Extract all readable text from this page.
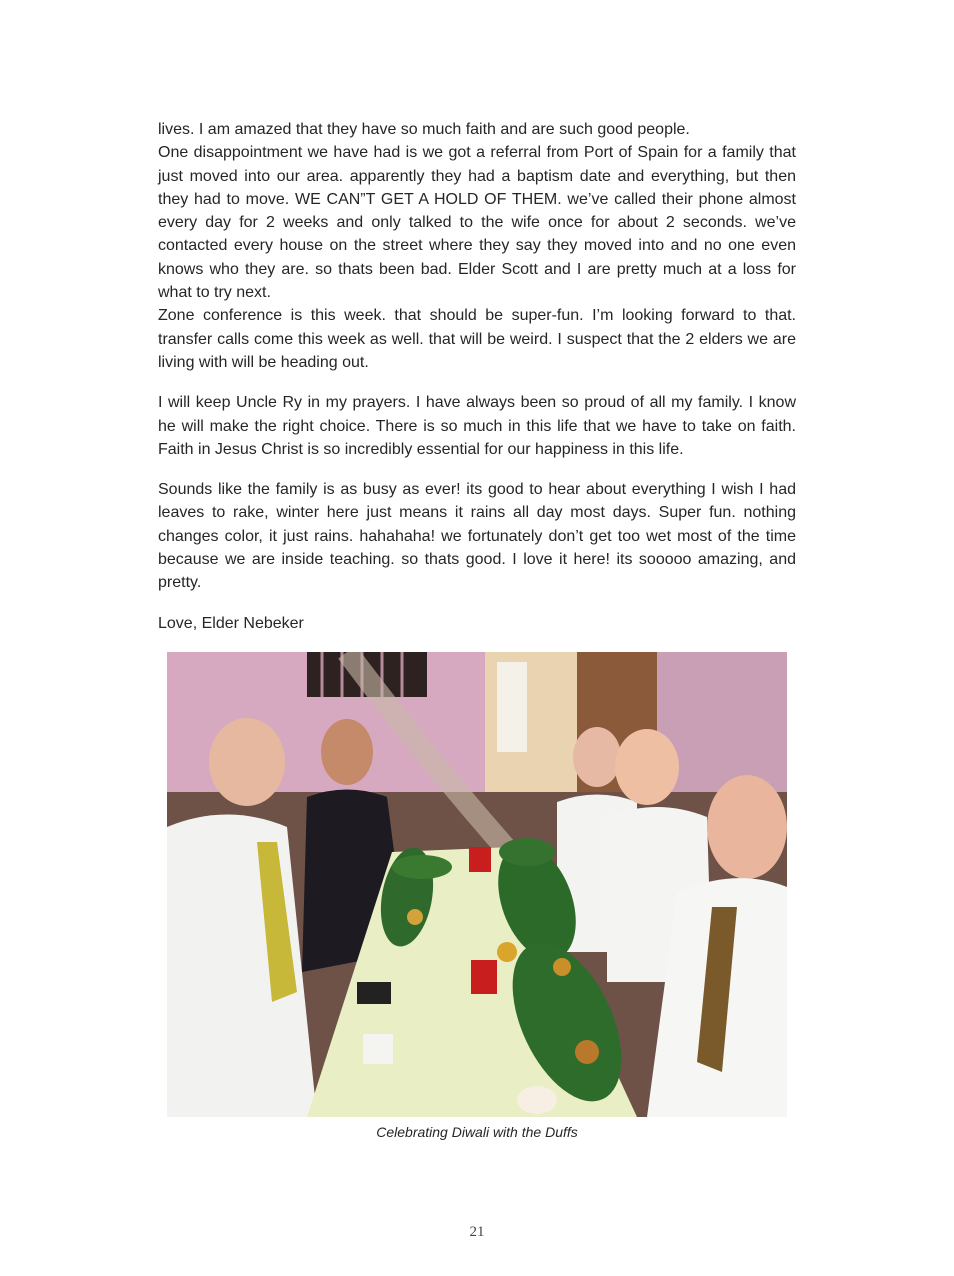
lives. I am amazed that they have so much faith and are such good people.

One disappointment we have had is we got a referral from Port of Spain for a family that just moved into our area. apparently they had a baptism date and everything, but then they had to move. WE CAN”T GET A HOLD OF THEM. we’ve called their phone almost every day for 2 weeks and only talked to the wife once for about 2 seconds. we’ve contacted every house on the street where they say they moved into and no one even knows who they are. so thats been bad. Elder Scott and I are pretty much at a loss for what to try next.

Zone conference is this week. that should be super-fun. I’m looking forward to that. transfer calls come this week as well. that will be weird. I suspect that the 2 elders we are living with will be heading out.

I will keep Uncle Ry in my prayers. I have always been so proud of all my family. I know he will make the right choice. There is so much in this life that we have to take on faith. Faith in Jesus Christ is so incredibly essential for our happiness in this life.

Sounds like the family is as busy as ever! its good to hear about everything I wish I had leaves to rake, winter here just means it rains all day most days. Super fun. nothing changes color, it just rains. hahahaha! we fortunately don’t get too wet most of the time because we are inside teaching. so thats good. I love it here! its sooooo amazing, and pretty.

Love, Elder Nebeker

Celebrating Diwali with the Duffs
21
